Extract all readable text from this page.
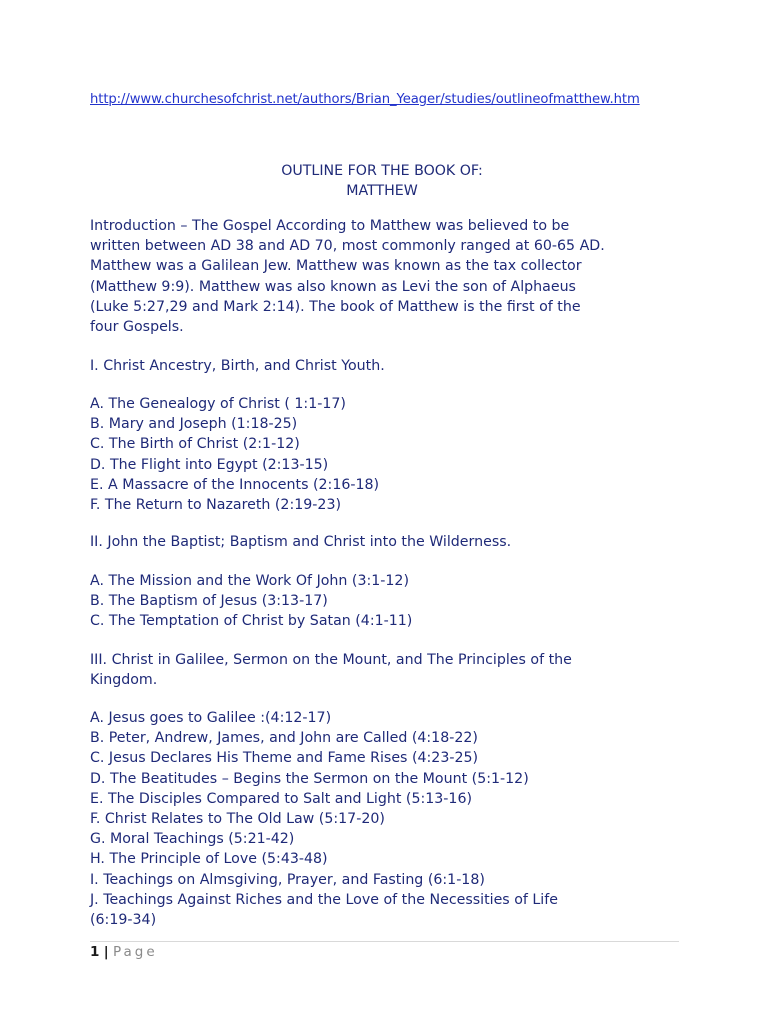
http://www.churchesofchrist.net/authors/Brian_Yeager/studies/outlineofmatthew.htm
OUTLINE FOR THE BOOK OF:
MATTHEW
Introduction – The Gospel According to Matthew was believed to be
written between AD 38 and AD 70, most commonly ranged at 60-65 AD.
Matthew was a Galilean Jew. Matthew was known as the tax collector
(Matthew 9:9). Matthew was also known as Levi the son of Alphaeus
(Luke 5:27,29 and Mark 2:14). The book of Matthew is the first of the
four Gospels.
I. Christ Ancestry, Birth, and Christ Youth.
A. The Genealogy of Christ ( 1:1-17)
B. Mary and Joseph (1:18-25)
C. The Birth of Christ (2:1-12)
D. The Flight into Egypt (2:13-15)
E. A Massacre of the Innocents (2:16-18)
F. The Return to Nazareth (2:19-23)
II. John the Baptist; Baptism and Christ into the Wilderness.
A. The Mission and the Work Of John (3:1-12)
B. The Baptism of Jesus (3:13-17)
C. The Temptation of Christ by Satan (4:1-11)
III. Christ in Galilee, Sermon on the Mount, and The Principles of the
Kingdom.
A. Jesus goes to Galilee :(4:12-17)
B. Peter, Andrew, James, and John are Called (4:18-22)
C. Jesus Declares His Theme and Fame Rises (4:23-25)
D. The Beatitudes – Begins the Sermon on the Mount (5:1-12)
E. The Disciples Compared to Salt and Light (5:13-16)
F. Christ Relates to The Old Law (5:17-20)
G. Moral Teachings (5:21-42)
H. The Principle of Love (5:43-48)
I. Teachings on Almsgiving, Prayer, and Fasting (6:1-18)
J. Teachings Against Riches and the Love of the Necessities of Life
(6:19-34)
1 | Page
